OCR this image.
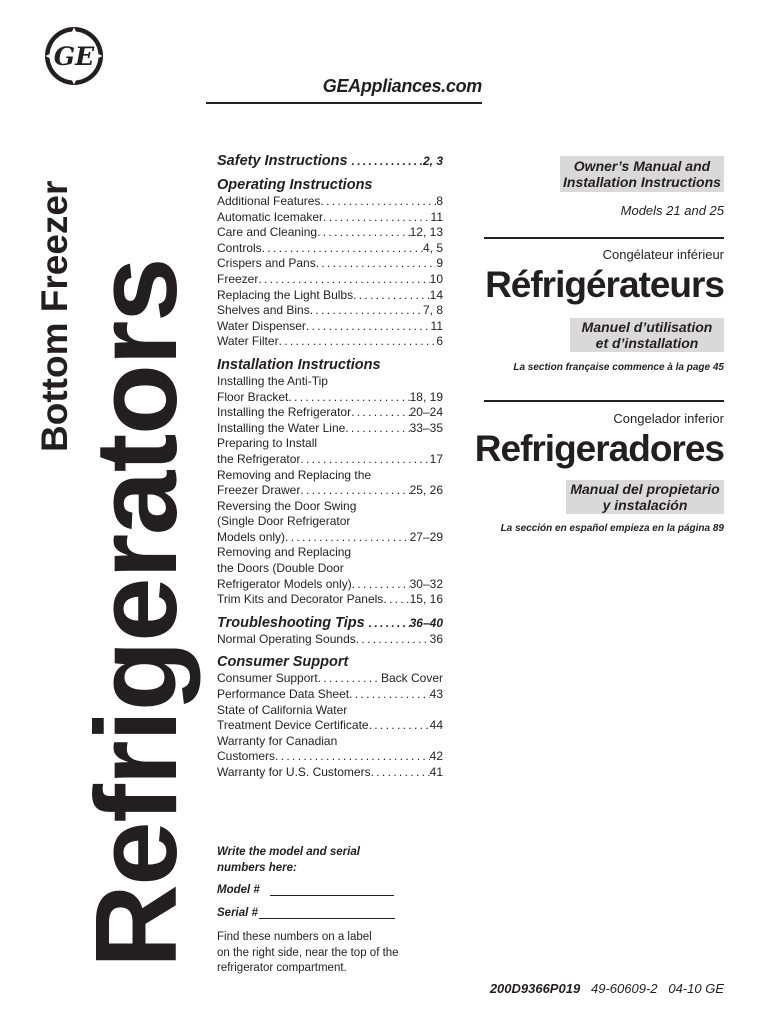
GE
GEAppliances.com
Bottom Freezer
Refrigerators
Safety Instructions . . .	2, 3
Operating Instructions
Additional Features . . .	8
Automatic Icemaker . . .	11
Care and Cleaning . . .	12, 13
Controls . . .	4, 5
Crispers and Pans . . .	9
Freezer . . .	10
Replacing the Light Bulbs . . .	14
Shelves and Bins . . .	7, 8
Water Dispenser . . .	11
Water Filter . . .	6
Installation Instructions
Installing the Anti-Tip
Floor Bracket . . .	18, 19
Installing the Refrigerator . . .	20–24
Installing the Water Line . . .	33–35
Preparing to Install
the Refrigerator . . .	17
Removing and Replacing the
Freezer Drawer . . .	25, 26
Reversing the Door Swing
(Single Door Refrigerator
Models only) . . .	27–29
Removing and Replacing
the Doors (Double Door
Refrigerator Models only) . . .	30–32
Trim Kits and Decorator Panels . . . 15, 16
Troubleshooting Tips . . .	36–40
Normal Operating Sounds . . .	36
Consumer Support
Consumer Support . . .	Back Cover
Performance Data Sheet . . .	43
State of California Water
Treatment Device Certificate . . .	44
Warranty for Canadian
Customers . . .	42
Warranty for U.S. Customers . . .	41
Owner’s Manual and
Installation Instructions
Models 21 and 25
Congélateur inférieur
Réfrigérateurs
Manuel d’utilisation
et d’installation
La section française commence à la page 45
Congelador inferior
Refrigeradores
Manual del propietario
y instalación
La sección en español empieza en la página 89
Write the model and serial
numbers here:
Model #
Serial #
Find these numbers on a label
on the right side, near the top of the
refrigerator compartment.
200D9366P019 49-60609-2   04-10 GE
